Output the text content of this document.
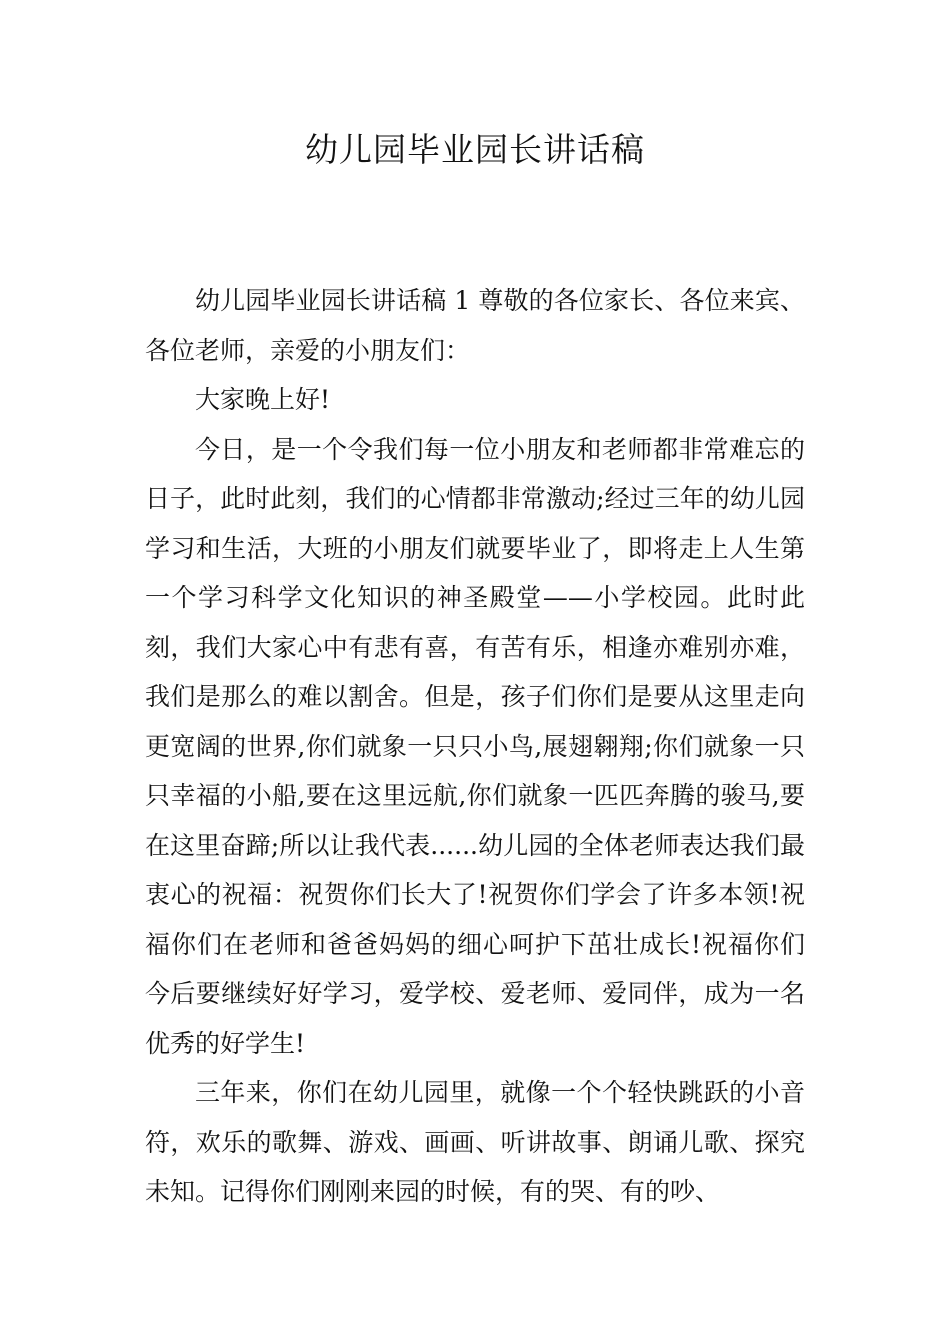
幼儿园毕业园长讲话稿

幼儿园毕业园长讲话稿 1 尊敬的各位家长、各位来宾、各位老师，亲爱的小朋友们：

大家晚上好!

今日，是一个令我们每一位小朋友和老师都非常难忘的日子，此时此刻，我们的心情都非常激动;经过三年的幼儿园学习和生活，大班的小朋友们就要毕业了，即将走上人生第一个学习科学文化知识的神圣殿堂——小学校园。此时此刻，我们大家心中有悲有喜，有苦有乐，相逢亦难别亦难，我们是那么的难以割舍。但是，孩子们你们是要从这里走向更宽阔的世界,你们就象一只只小鸟,展翅翱翔;你们就象一只只幸福的小船,要在这里远航,你们就象一匹匹奔腾的骏马,要在这里奋蹄;所以让我代表......幼儿园的全体老师表达我们最衷心的祝福：祝贺你们长大了!祝贺你们学会了许多本领!祝福你们在老师和爸爸妈妈的细心呵护下茁壮成长!祝福你们今后要继续好好学习，爱学校、爱老师、爱同伴，成为一名优秀的好学生!

三年来，你们在幼儿园里，就像一个个轻快跳跃的小音符，欢乐的歌舞、游戏、画画、听讲故事、朗诵儿歌、探究未知。记得你们刚刚来园的时候，有的哭、有的吵、
